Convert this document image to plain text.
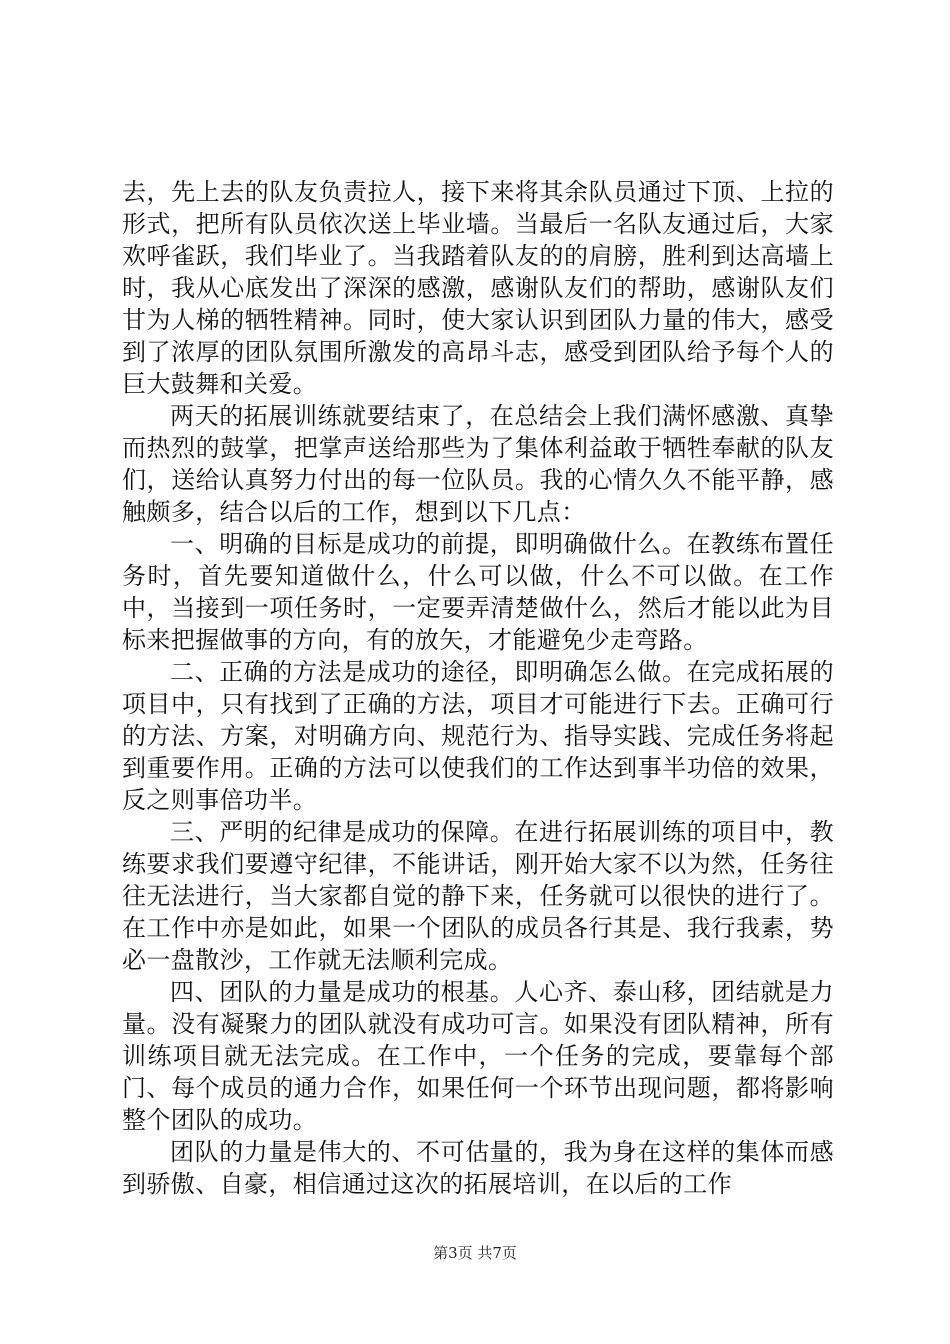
去，先上去的队友负责拉人，接下来将其余队员通过下顶、上拉的形式，把所有队员依次送上毕业墙。当最后一名队友通过后，大家欢呼雀跃，我们毕业了。当我踏着队友的的肩膀，胜利到达高墙上时，我从心底发出了深深的感激，感谢队友们的帮助，感谢队友们甘为人梯的牺牲精神。同时，使大家认识到团队力量的伟大，感受到了浓厚的团队氛围所激发的高昂斗志，感受到团队给予每个人的巨大鼓舞和关爱。

两天的拓展训练就要结束了，在总结会上我们满怀感激、真挚而热烈的鼓掌，把掌声送给那些为了集体利益敢于牺牲奉献的队友们，送给认真努力付出的每一位队员。我的心情久久不能平静，感触颇多，结合以后的工作，想到以下几点：

一、明确的目标是成功的前提，即明确做什么。在教练布置任务时，首先要知道做什么，什么可以做，什么不可以做。在工作中，当接到一项任务时，一定要弄清楚做什么，然后才能以此为目标来把握做事的方向，有的放矢，才能避免少走弯路。

二、正确的方法是成功的途径，即明确怎么做。在完成拓展的项目中，只有找到了正确的方法，项目才可能进行下去。正确可行的方法、方案，对明确方向、规范行为、指导实践、完成任务将起到重要作用。正确的方法可以使我们的工作达到事半功倍的效果，反之则事倍功半。

三、严明的纪律是成功的保障。在进行拓展训练的项目中，教练要求我们要遵守纪律，不能讲话，刚开始大家不以为然，任务往往无法进行，当大家都自觉的静下来，任务就可以很快的进行了。在工作中亦是如此，如果一个团队的成员各行其是、我行我素，势必一盘散沙，工作就无法顺利完成。

四、团队的力量是成功的根基。人心齐、泰山移，团结就是力量。没有凝聚力的团队就没有成功可言。如果没有团队精神，所有训练项目就无法完成。在工作中，一个任务的完成，要靠每个部门、每个成员的通力合作，如果任何一个环节出现问题，都将影响整个团队的成功。

团队的力量是伟大的、不可估量的，我为身在这样的集体而感到骄傲、自豪，相信通过这次的拓展培训，在以后的工作

第3页 共7页
